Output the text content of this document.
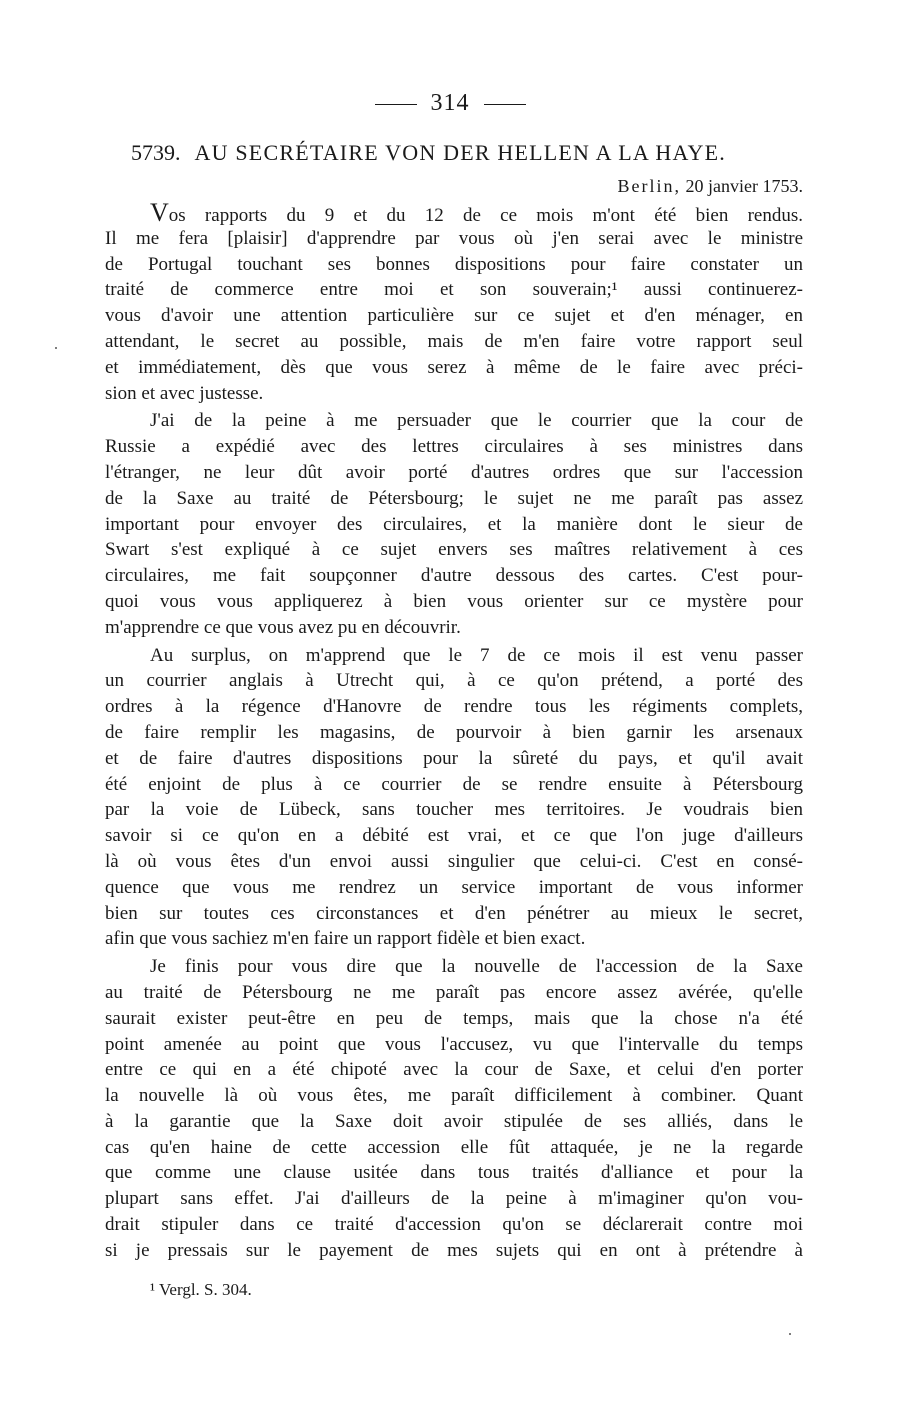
314
5739. AU SECRÉTAIRE VON DER HELLEN A LA HAYE.
Berlin, 20 janvier 1753.
Vos rapports du 9 et du 12 de ce mois m'ont été bien rendus.
Il me fera [plaisir] d'apprendre par vous où j'en serai avec le ministre
de Portugal touchant ses bonnes dispositions pour faire constater un
traité de commerce entre moi et son souverain;¹ aussi continuerez-
vous d'avoir une attention particulière sur ce sujet et d'en ménager, en
attendant, le secret au possible, mais de m'en faire votre rapport seul
et immédiatement, dès que vous serez à même de le faire avec préci-
sion et avec justesse.
J'ai de la peine à me persuader que le courrier que la cour de
Russie a expédié avec des lettres circulaires à ses ministres dans
l'étranger, ne leur dût avoir porté d'autres ordres que sur l'accession
de la Saxe au traité de Pétersbourg; le sujet ne me paraît pas assez
important pour envoyer des circulaires, et la manière dont le sieur de
Swart s'est expliqué à ce sujet envers ses maîtres relativement à ces
circulaires, me fait soupçonner d'autre dessous des cartes. C'est pour-
quoi vous vous appliquerez à bien vous orienter sur ce mystère pour
m'apprendre ce que vous avez pu en découvrir.
Au surplus, on m'apprend que le 7 de ce mois il est venu passer
un courrier anglais à Utrecht qui, à ce qu'on prétend, a porté des
ordres à la régence d'Hanovre de rendre tous les régiments complets,
de faire remplir les magasins, de pourvoir à bien garnir les arsenaux
et de faire d'autres dispositions pour la sûreté du pays, et qu'il avait
été enjoint de plus à ce courrier de se rendre ensuite à Pétersbourg
par la voie de Lübeck, sans toucher mes territoires. Je voudrais bien
savoir si ce qu'on en a débité est vrai, et ce que l'on juge d'ailleurs
là où vous êtes d'un envoi aussi singulier que celui-ci. C'est en consé-
quence que vous me rendrez un service important de vous informer
bien sur toutes ces circonstances et d'en pénétrer au mieux le secret,
afin que vous sachiez m'en faire un rapport fidèle et bien exact.
Je finis pour vous dire que la nouvelle de l'accession de la Saxe
au traité de Pétersbourg ne me paraît pas encore assez avérée, qu'elle
saurait exister peut-être en peu de temps, mais que la chose n'a été
point amenée au point que vous l'accusez, vu que l'intervalle du temps
entre ce qui en a été chipoté avec la cour de Saxe, et celui d'en porter
la nouvelle là où vous êtes, me paraît difficilement à combiner. Quant
à la garantie que la Saxe doit avoir stipulée de ses alliés, dans le
cas qu'en haine de cette accession elle fût attaquée, je ne la regarde
que comme une clause usitée dans tous traités d'alliance et pour la
plupart sans effet. J'ai d'ailleurs de la peine à m'imaginer qu'on vou-
drait stipuler dans ce traité d'accession qu'on se déclarerait contre moi
si je pressais sur le payement de mes sujets qui en ont à prétendre à
¹ Vergl. S. 304.
